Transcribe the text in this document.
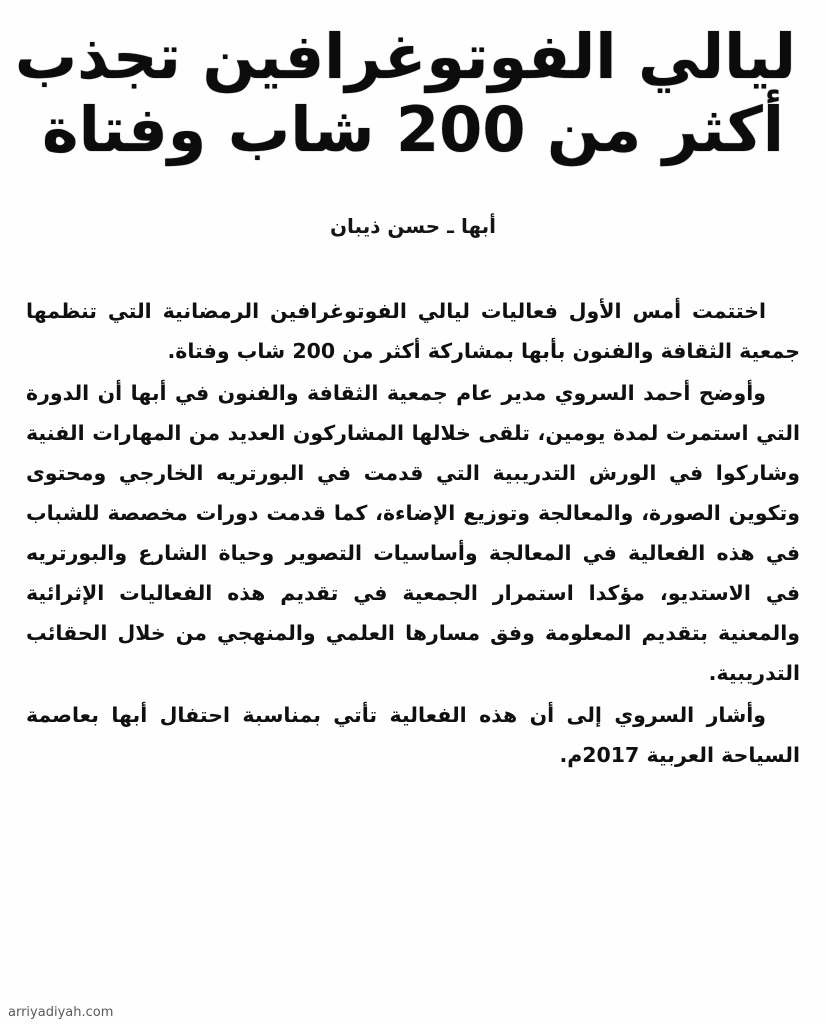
ليالي الفوتوغرافين تجذب
أكثر من 200 شاب وفتاة
أبها ـ حسن ذيبان

اختتمت أمس الأول فعاليات ليالي الفوتوغرافين الرمضانية التي تنظمها جمعية الثقافة والفنون بأبها بمشاركة أكثر من 200 شاب وفتاة.

وأوضح أحمد السروي مدير عام جمعية الثقافة والفنون في أبها أن الدورة التي استمرت لمدة يومين، تلقى خلالها المشاركون العديد من المهارات الفنية وشاركوا في الورش التدريبية التي قدمت في البورتريه الخارجي ومحتوى وتكوين الصورة، والمعالجة وتوزيع الإضاءة، كما قدمت دورات مخصصة للشباب في هذه الفعالية في المعالجة وأساسيات التصوير وحياة الشارع والبورتريه في الاستديو، مؤكدا استمرار الجمعية في تقديم هذه الفعاليات الإثرائية والمعنية بتقديم المعلومة وفق مسارها العلمي والمنهجي من خلال الحقائب التدريبية.

وأشار السروي إلى أن هذه الفعالية تأتي بمناسبة احتفال أبها بعاصمة السياحة العربية 2017م.

arriyadiyah.com
